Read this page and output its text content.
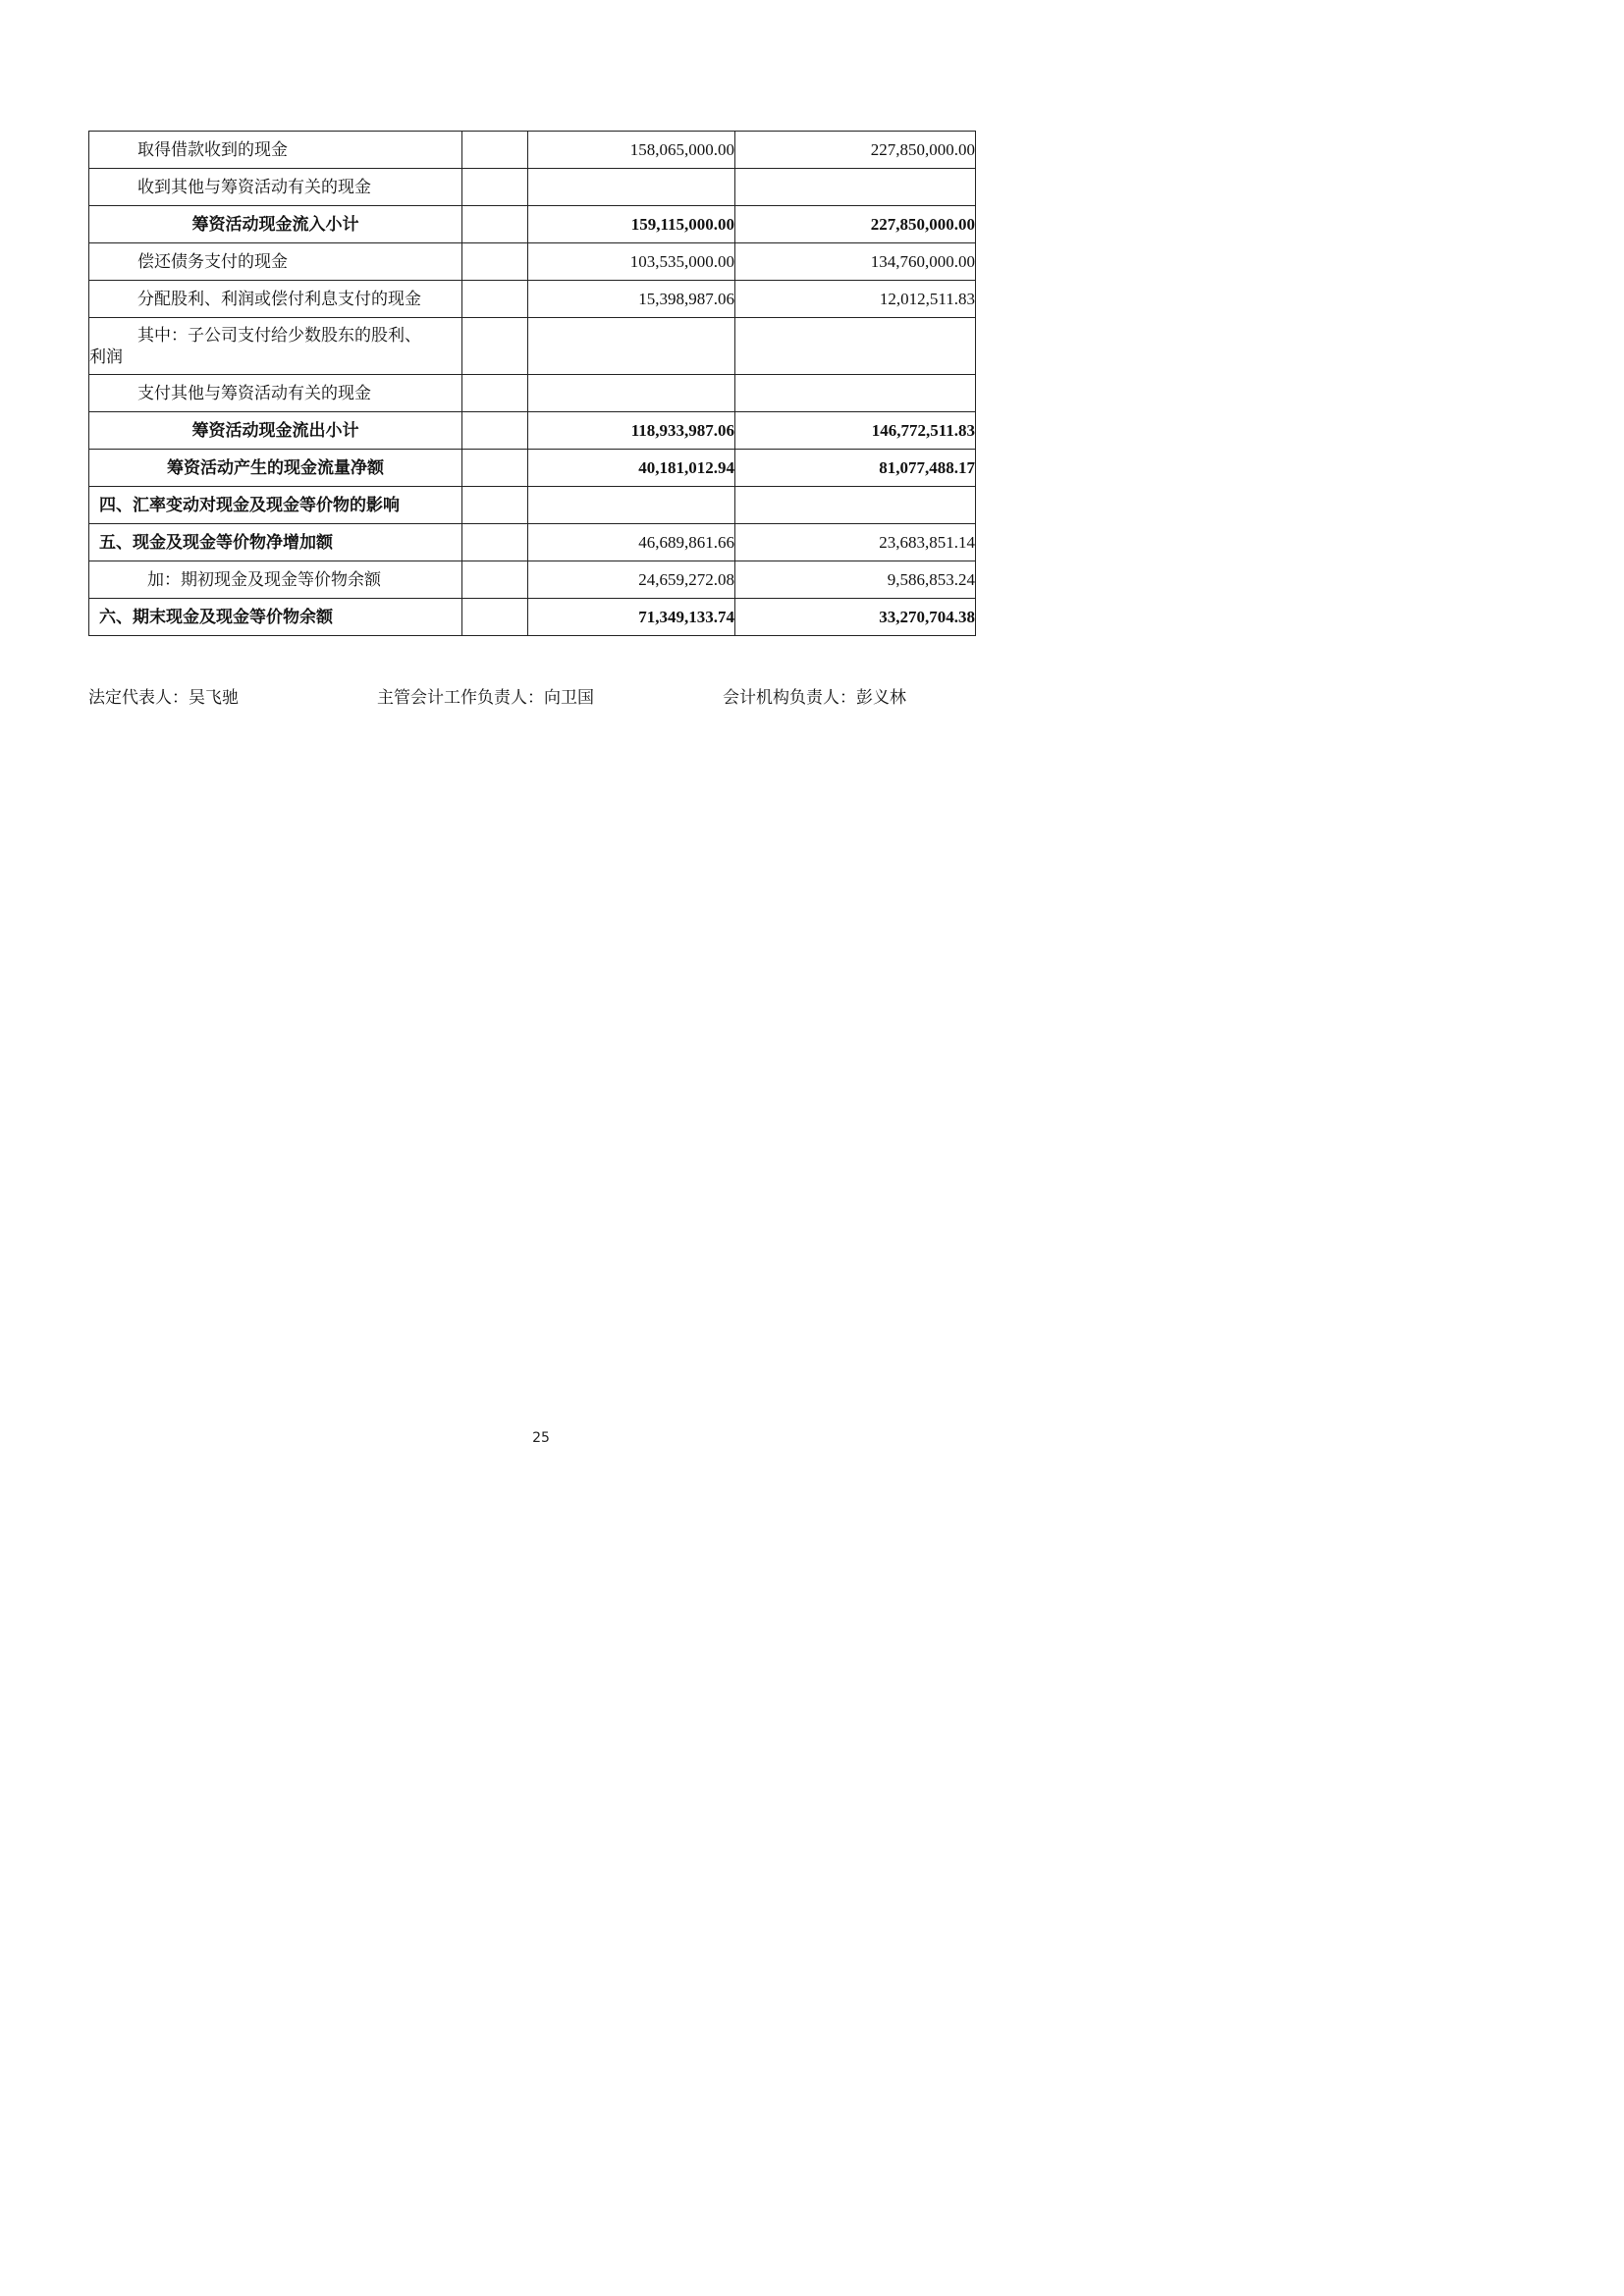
取得借款收到的现金		158,065,000.00	227,850,000.00
收到其他与筹资活动有关的现金			
筹资活动现金流入小计		159,115,000.00	227,850,000.00
偿还债务支付的现金		103,535,000.00	134,760,000.00
分配股利、利润或偿付利息支付的现金		15,398,987.06	12,012,511.83

其中：子公司支付给少数股东的股利、
利润			

支付其他与筹资活动有关的现金			
筹资活动现金流出小计		118,933,987.06	146,772,511.83
筹资活动产生的现金流量净额		40,181,012.94	81,077,488.17
四、汇率变动对现金及现金等价物的影响			
五、现金及现金等价物净增加额		46,689,861.66	23,683,851.14
加：期初现金及现金等价物余额		24,659,272.08	9,586,853.24
六、期末现金及现金等价物余额		71,349,133.74	33,270,704.38
法定代表人：吴飞驰	主管会计工作负责人：向卫国	会计机构负责人：彭义林
25
